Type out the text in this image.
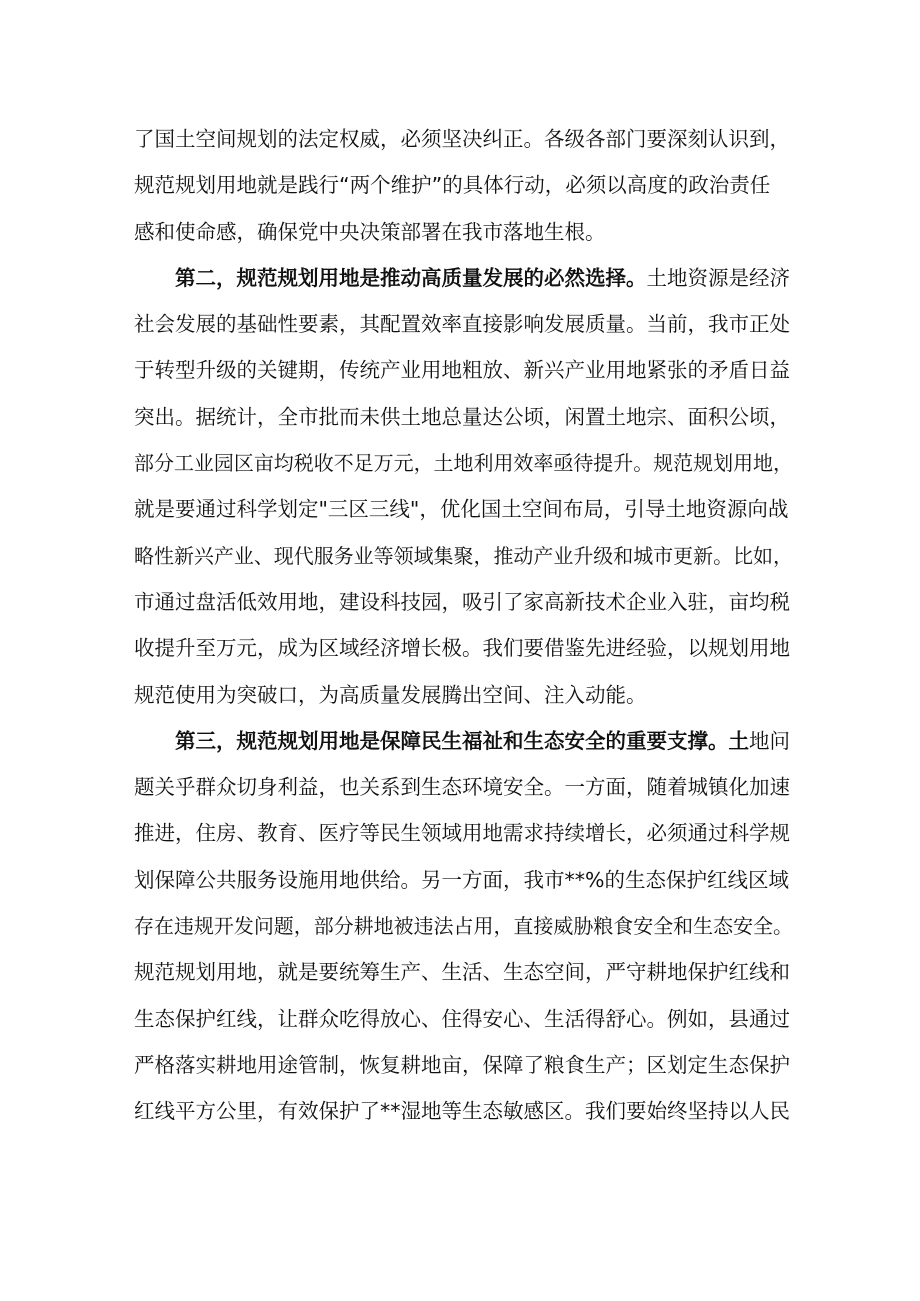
了国土空间规划的法定权威，必须坚决纠正。各级各部门要深刻认识到，
规范规划用地就是践行“两个维护”的具体行动，必须以高度的政治责任
感和使命感，确保党中央决策部署在我市落地生根。
第二，规范规划用地是推动高质量发展的必然选择。土地资源是经济
社会发展的基础性要素，其配置效率直接影响发展质量。当前，我市正处
于转型升级的关键期，传统产业用地粗放、新兴产业用地紧张的矛盾日益
突出。据统计，全市批而未供土地总量达公顷，闲置土地宗、面积公顷，
部分工业园区亩均税收不足万元，土地利用效率亟待提升。规范规划用地，
就是要通过科学划定"三区三线"，优化国土空间布局，引导土地资源向战
略性新兴产业、现代服务业等领域集聚，推动产业升级和城市更新。比如，
市通过盘活低效用地，建设科技园，吸引了家高新技术企业入驻，亩均税
收提升至万元，成为区域经济增长极。我们要借鉴先进经验，以规划用地
规范使用为突破口，为高质量发展腾出空间、注入动能。
第三，规范规划用地是保障民生福祉和生态安全的重要支撑。土地问
题关乎群众切身利益，也关系到生态环境安全。一方面，随着城镇化加速
推进，住房、教育、医疗等民生领域用地需求持续增长，必须通过科学规
划保障公共服务设施用地供给。另一方面，我市**%的生态保护红线区域
存在违规开发问题，部分耕地被违法占用，直接威胁粮食安全和生态安全。
规范规划用地，就是要统筹生产、生活、生态空间，严守耕地保护红线和
生态保护红线，让群众吃得放心、住得安心、生活得舒心。例如，县通过
严格落实耕地用途管制，恢复耕地亩，保障了粮食生产；区划定生态保护
红线平方公里，有效保护了**湿地等生态敏感区。我们要始终坚持以人民
